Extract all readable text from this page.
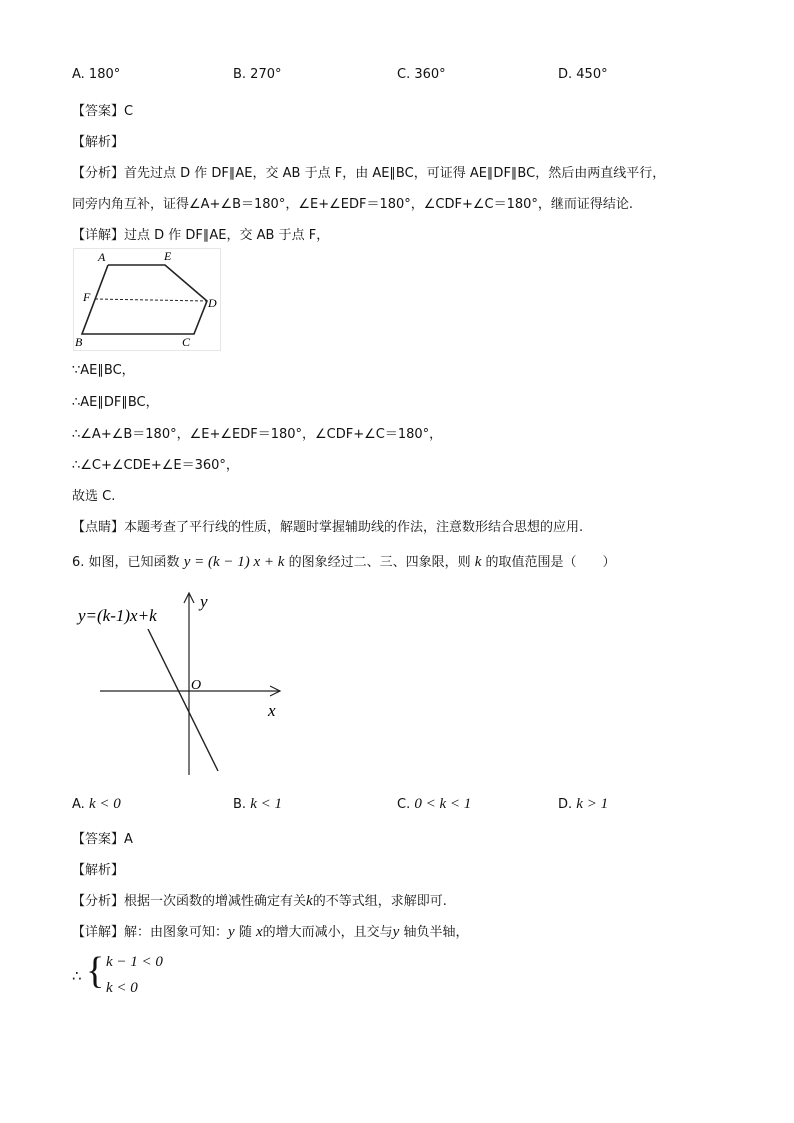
A. 180°	B. 270°	C. 360°	D. 450°
【答案】C
【解析】
【分析】首先过点 D 作 DF∥AE，交 AB 于点 F，由 AE∥BC，可证得 AE∥DF∥BC，然后由两直线平行，
同旁内角互补，证得∠A+∠B＝180°，∠E+∠EDF＝180°，∠CDF+∠C＝180°，继而证得结论.
【详解】过点 D 作 DF∥AE，交 AB 于点 F，
A	E
F	D
B	C
∵AE∥BC，
∴AE∥DF∥BC，
∴∠A+∠B＝180°，∠E+∠EDF＝180°，∠CDF+∠C＝180°，
∴∠C+∠CDE+∠E＝360°，
故选 C.
【点睛】本题考查了平行线的性质，解题时掌握辅助线的作法，注意数形结合思想的应用.
6. 如图，已知函数 y = (k − 1) x + k 的图象经过二、三、四象限，则 k 的取值范围是（　　）
y=(k-1)x+k
y
x
O
A. k < 0	B. k < 1	C. 0 < k < 1	D. k > 1
【答案】A
【解析】
【分析】根据一次函数的增减性确定有关k的不等式组，求解即可.
【详解】解：由图象可知：y 随 x的增大而减小，且交与y 轴负半轴，
∴ { k − 1 < 0
k < 0
